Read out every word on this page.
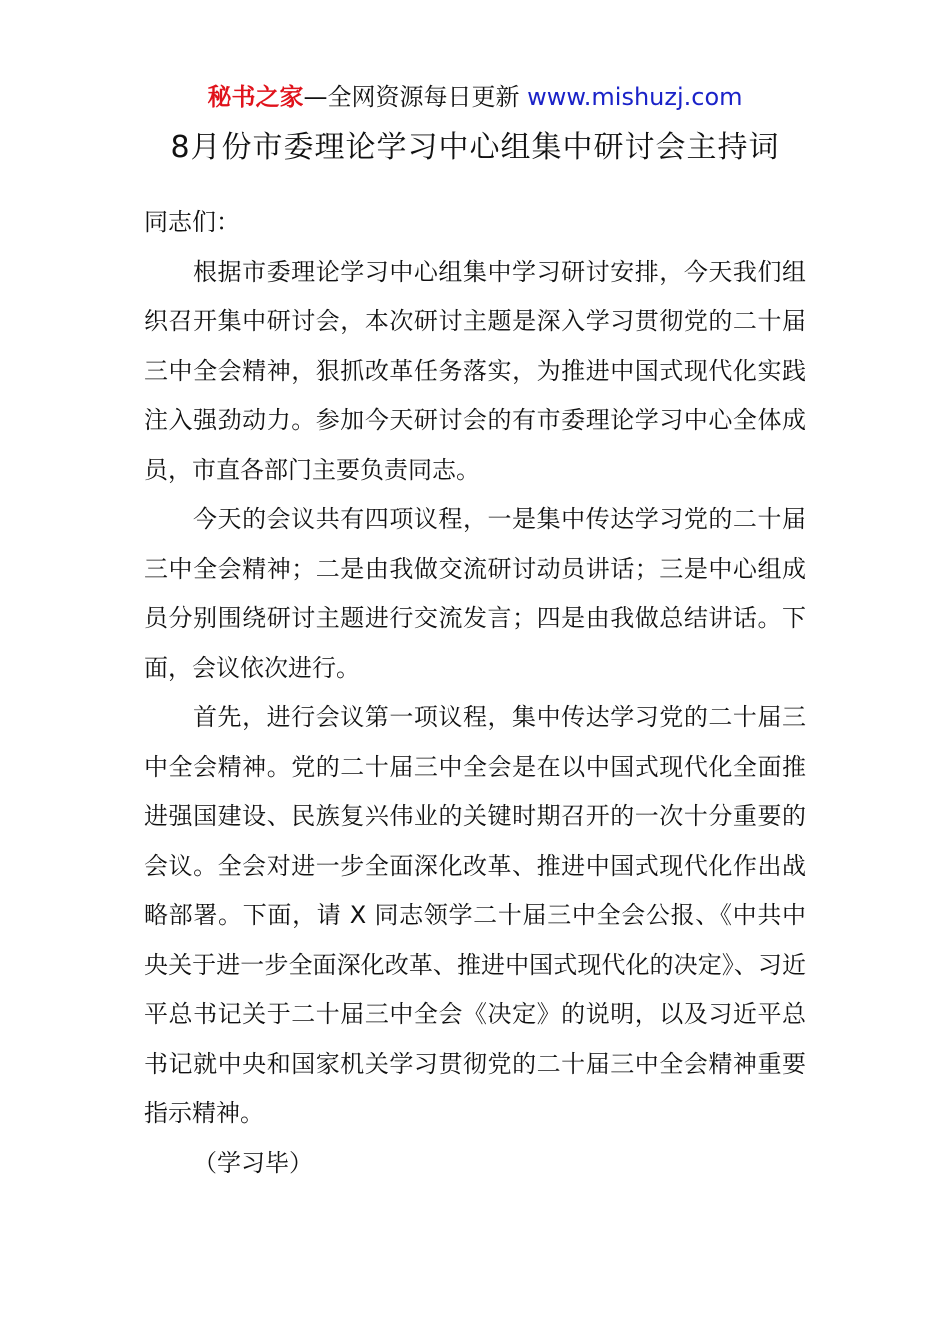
秘书之家—全网资源每日更新 www.mishuzj.com
8月份市委理论学习中心组集中研讨会主持词

同志们：

根据市委理论学习中心组集中学习研讨安排，今天我们组织召开集中研讨会，本次研讨主题是深入学习贯彻党的二十届三中全会精神，狠抓改革任务落实，为推进中国式现代化实践注入强劲动力。参加今天研讨会的有市委理论学习中心全体成员，市直各部门主要负责同志。

今天的会议共有四项议程，一是集中传达学习党的二十届三中全会精神；二是由我做交流研讨动员讲话；三是中心组成员分别围绕研讨主题进行交流发言；四是由我做总结讲话。下面，会议依次进行。

首先，进行会议第一项议程，集中传达学习党的二十届三中全会精神。党的二十届三中全会是在以中国式现代化全面推进强国建设、民族复兴伟业的关键时期召开的一次十分重要的会议。全会对进一步全面深化改革、推进中国式现代化作出战略部署。下面，请 X 同志领学二十届三中全会公报、《中共中央关于进一步全面深化改革、推进中国式现代化的决定》、习近平总书记关于二十届三中全会《决定》的说明，以及习近平总书记就中央和国家机关学习贯彻党的二十届三中全会精神重要指示精神。

（学习毕）
